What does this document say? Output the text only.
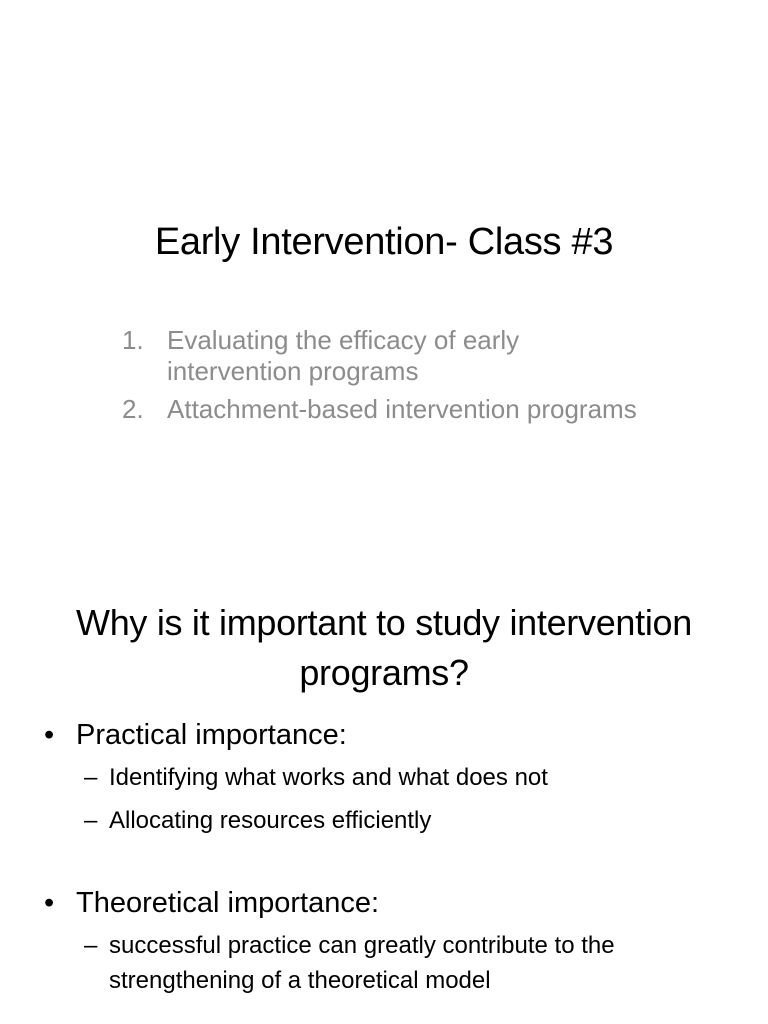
Early Intervention- Class #3
1. Evaluating the efficacy of early intervention programs
2. Attachment-based intervention programs
Why is it important to study intervention programs?
• Practical importance:
– Identifying what works and what does not
– Allocating resources efficiently
• Theoretical importance:
– successful practice can greatly contribute to the strengthening of a theoretical model
